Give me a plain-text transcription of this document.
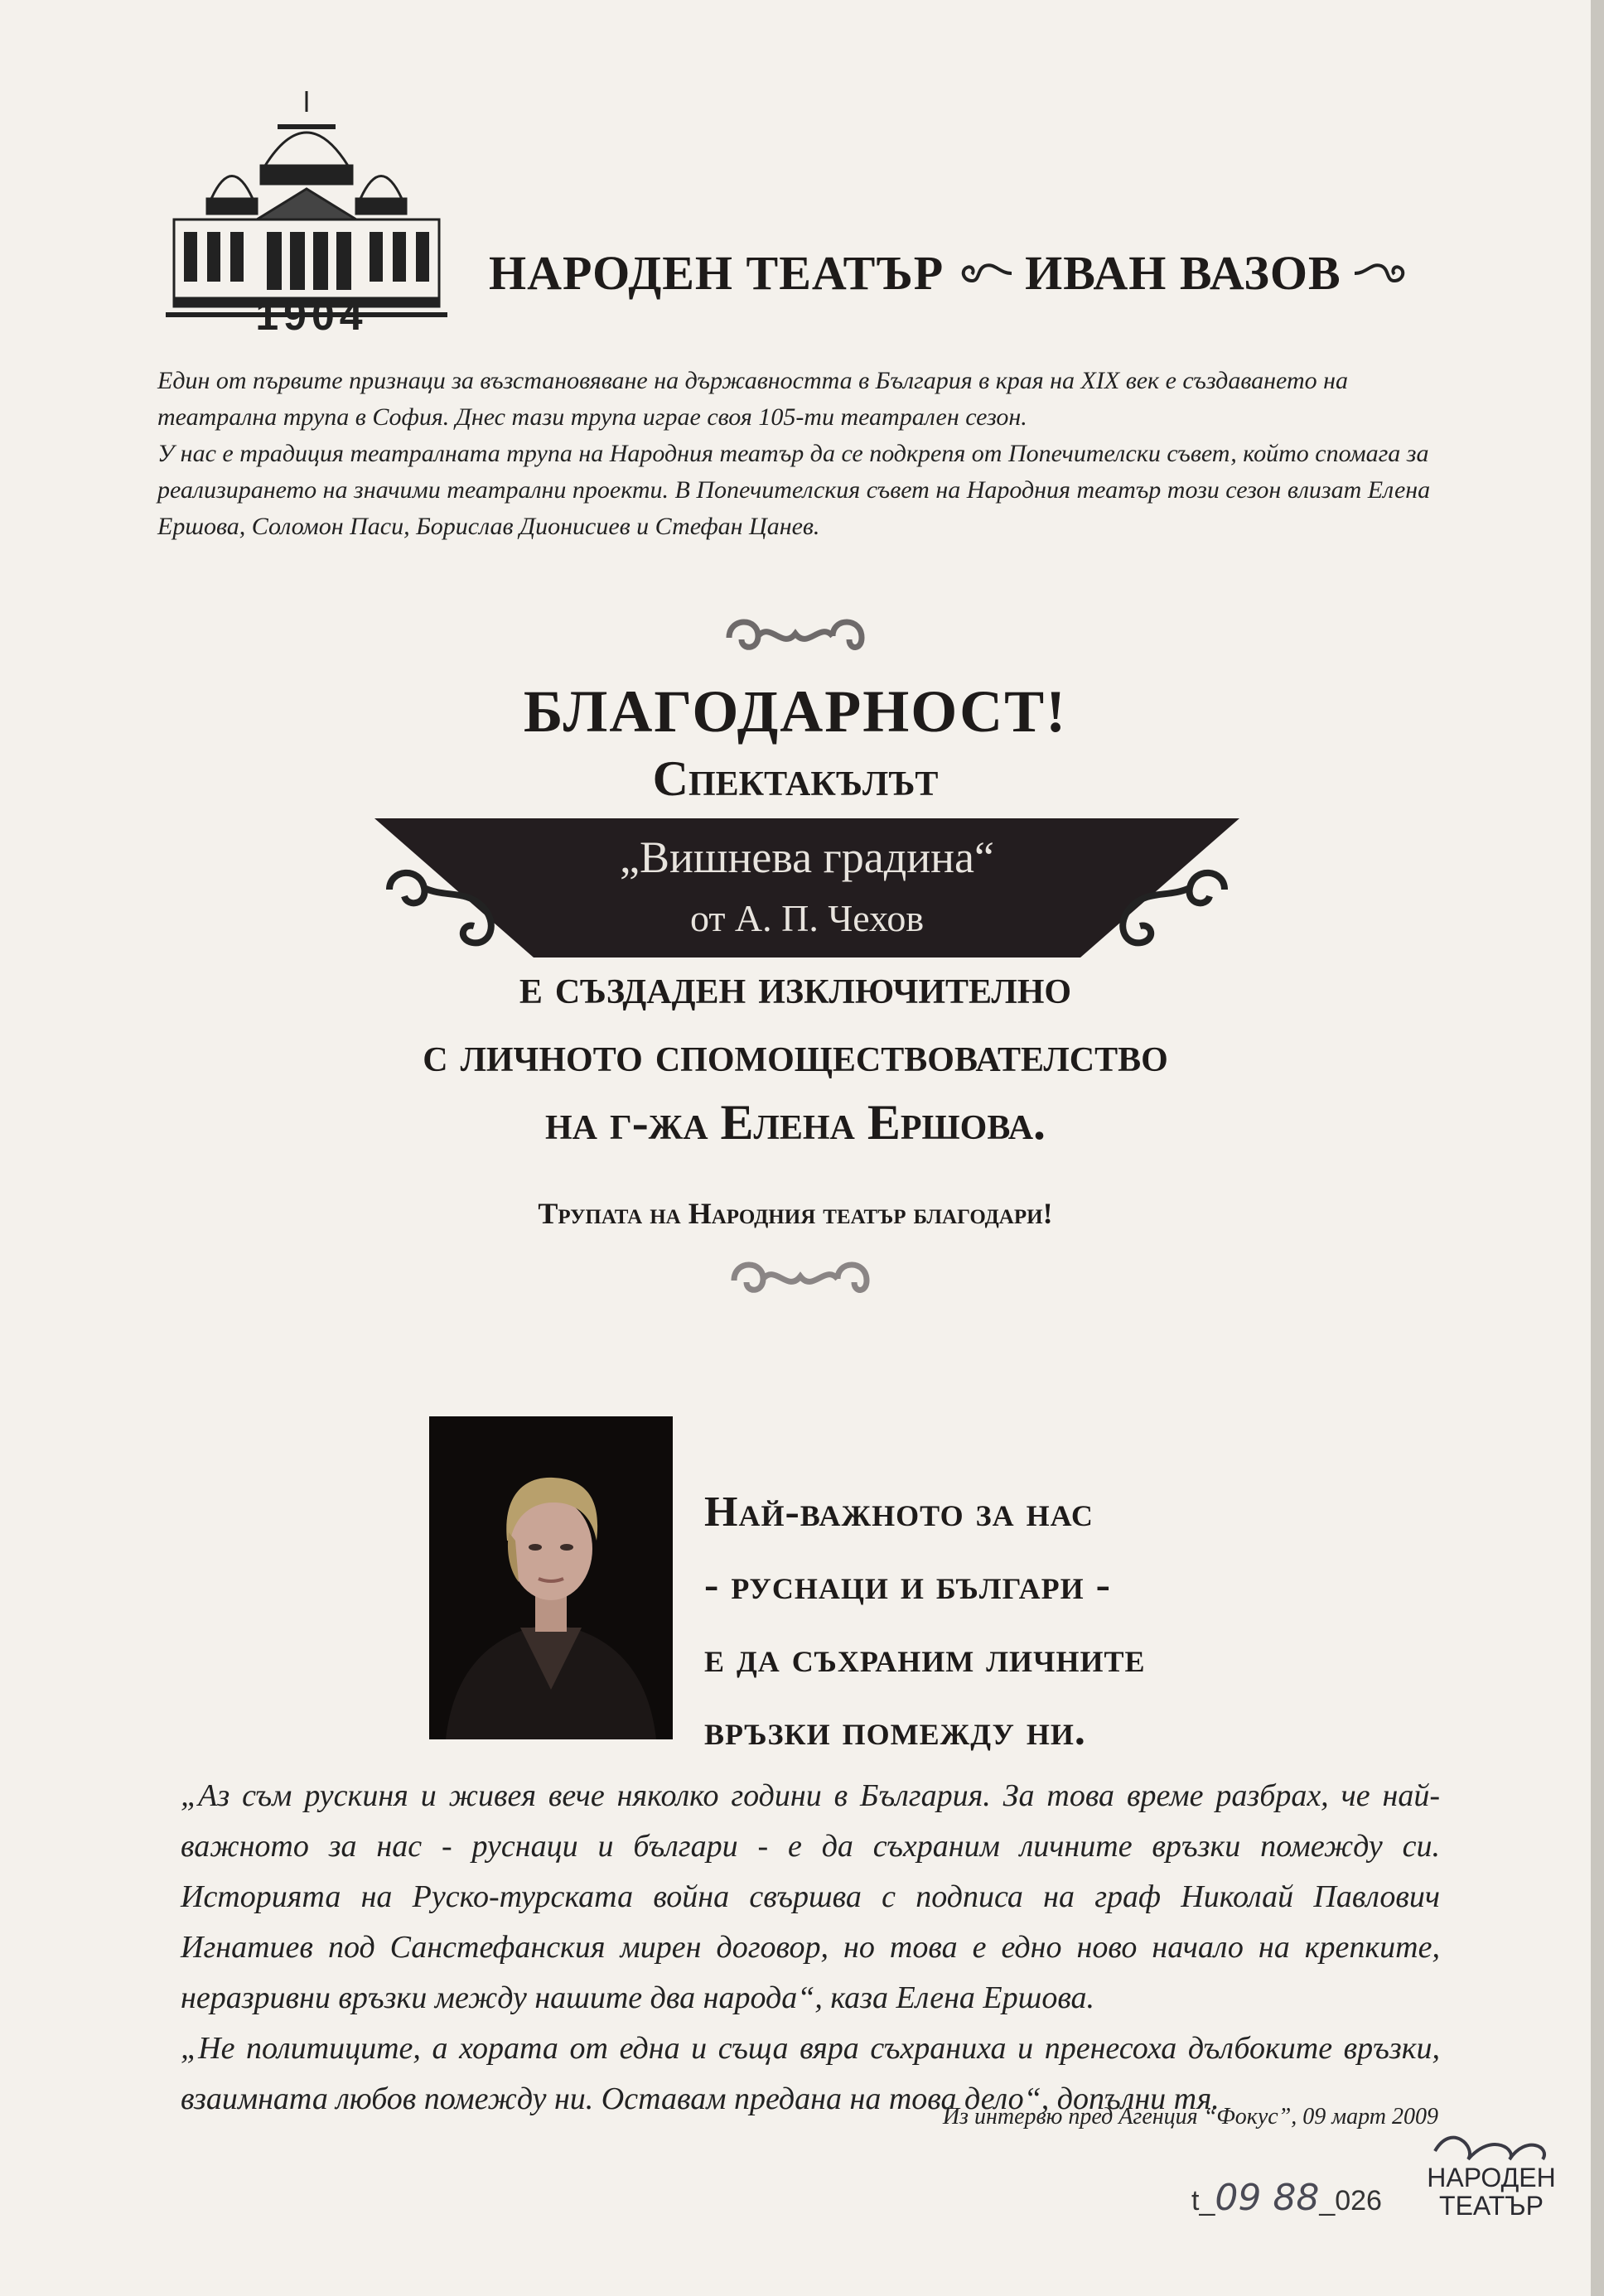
1904
НАРОДЕН ТЕАТЪР ИВАН ВАЗОВ

Един от първите признаци за възстановяване на държавността в България в края на XIX век е създаването на театрална трупа в София. Днес тази трупа играе своя 105-ти театрален сезон.

У нас е традиция театралната трупа на Народния театър да се подкрепя от Попечителски съвет, който спомага за реализирането на значими театрални проекти. В Попечителския съвет на Народния театър този сезон влизат Елена Ершова, Соломон Паси, Борислав Дионисиев и Стефан Цанев.

БЛАГОДАРНОСТ!
Спектакълът
„Вишнева градина“
от А. П. Чехов
е създаден изключително
с личното спомоществователство
на г-жа Елена Ершова.
Трупата на Народния театър благодари!
Най-важното за нас
- руснаци и българи -
е да съхраним личните
връзки помежду ни.

„Аз съм рускиня и живея вече няколко години в България. За това време разбрах, че най-важното за нас - руснаци и българи - е да съхраним личните връзки помежду си. Историята на Руско-турската война свършва с подписа на граф Николай Павлович Игнатиев под Санстефанския мирен договор, но това е едно ново начало на крепките, неразривни връзки между нашите два народа“, каза Елена Ершова.

„Не политиците, а хората от една и съща вяра съхраниха и пренесоха дълбоките връзки, взаимната любов помежду ни. Оставам предана на това дело“, допълни тя.

Из интервю пред Агенция “Фокус”, 09 март 2009
t_09 88_026
НАРОДЕН
ТЕАТЪР
